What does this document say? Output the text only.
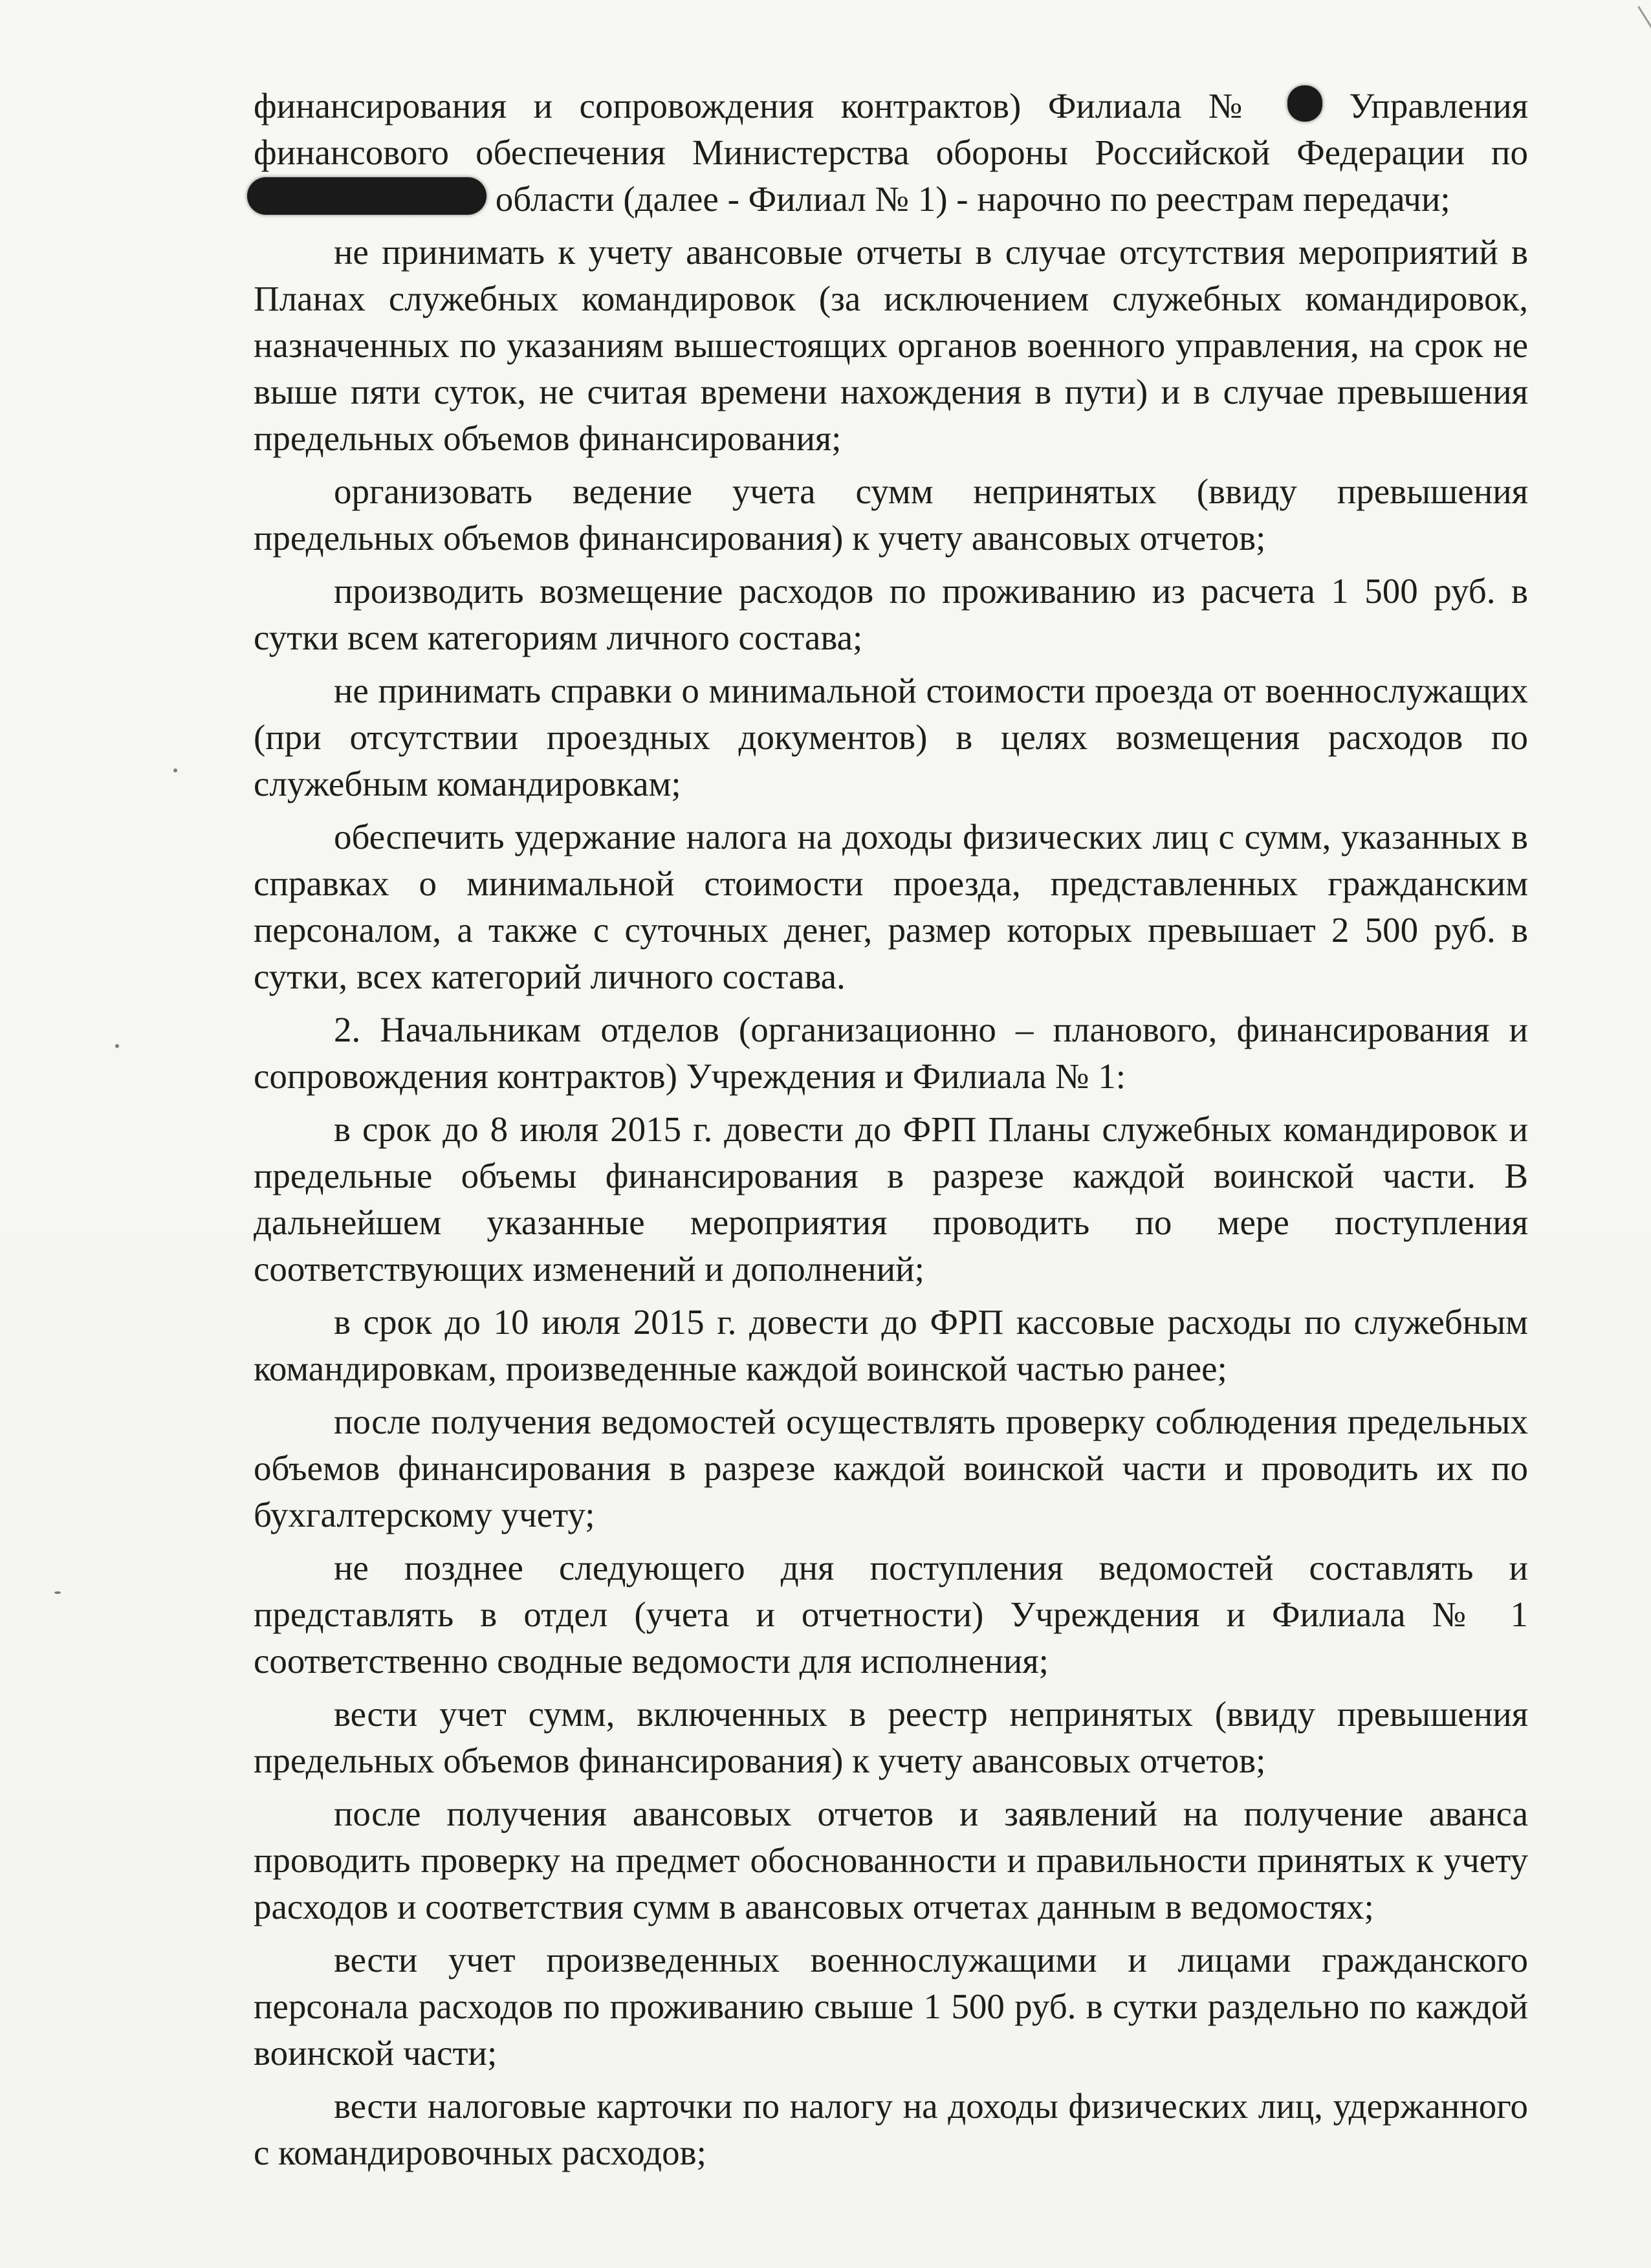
финансирования и сопровождения контрактов) Филиала №  Управления финансового обеспечения Министерства обороны Российской Федерации по  области (далее - Филиал № 1) - нарочно по реестрам передачи;

не принимать к учету авансовые отчеты в случае отсутствия мероприятий в Планах служебных командировок (за исключением служебных командировок, назначенных по указаниям вышестоящих органов военного управления, на срок не выше пяти суток, не считая времени нахождения в пути) и в случае превышения предельных объемов финансирования;

организовать ведение учета сумм непринятых (ввиду превышения предельных объемов финансирования) к учету авансовых отчетов;

производить возмещение расходов по проживанию из расчета 1 500 руб. в сутки всем категориям личного состава;

не принимать справки о минимальной стоимости проезда от военнослужащих (при отсутствии проездных документов) в целях возмещения расходов по служебным командировкам;

обеспечить удержание налога на доходы физических лиц с сумм, указанных в справках о минимальной стоимости проезда, представленных гражданским персоналом, а также с суточных денег, размер которых превышает 2 500 руб. в сутки, всех категорий личного состава.

2. Начальникам отделов (организационно – планового, финансирования и сопровождения контрактов) Учреждения и Филиала № 1:

в срок до 8 июля 2015 г. довести до ФРП Планы служебных командировок и предельные объемы финансирования в разрезе каждой воинской части. В дальнейшем указанные мероприятия проводить по мере поступления соответствующих изменений и дополнений;

в срок до 10 июля 2015 г. довести до ФРП кассовые расходы по служебным командировкам, произведенные каждой воинской частью ранее;

после получения ведомостей осуществлять проверку соблюдения предельных объемов финансирования в разрезе каждой воинской части и проводить их по бухгалтерскому учету;

не позднее следующего дня поступления ведомостей составлять и представлять в отдел (учета и отчетности) Учреждения и Филиала № 1 соответственно сводные ведомости для исполнения;

вести учет сумм, включенных в реестр непринятых (ввиду превышения предельных объемов финансирования) к учету авансовых отчетов;

после получения авансовых отчетов и заявлений на получение аванса проводить проверку на предмет обоснованности и правильности принятых к учету расходов и соответствия сумм в авансовых отчетах данным в ведомостях;

вести учет произведенных военнослужащими и лицами гражданского персонала расходов по проживанию свыше 1 500 руб. в сутки раздельно по каждой воинской части;

вести налоговые карточки по налогу на доходы физических лиц, удержанного с командировочных расходов;
